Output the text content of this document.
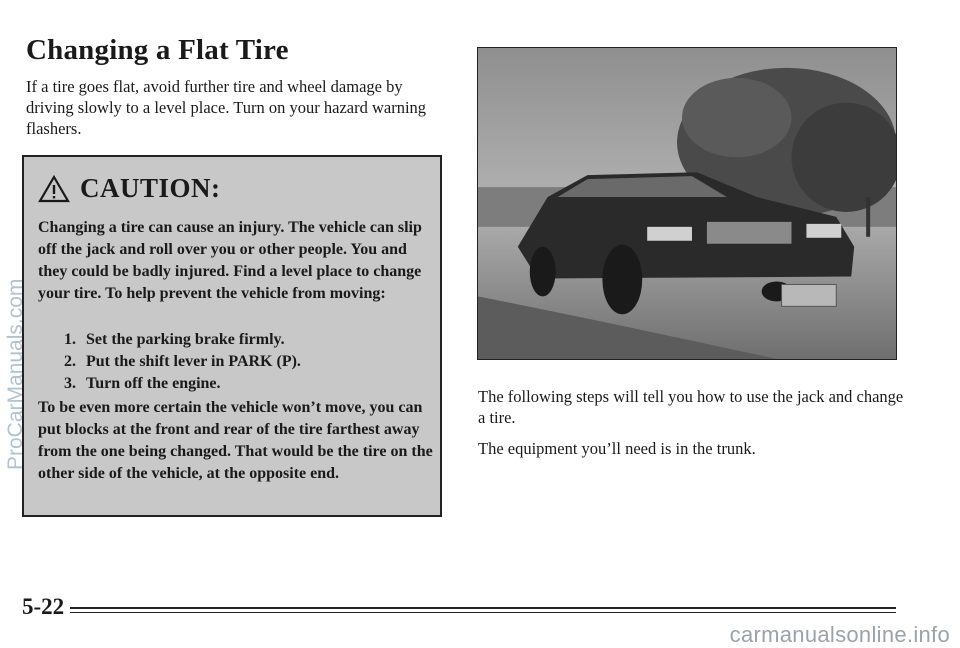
Changing a Flat Tire

If a tire goes flat, avoid further tire and wheel damage by driving slowly to a level place. Turn on your hazard warning flashers.

CAUTION:

Changing a tire can cause an injury. The vehicle can slip off the jack and roll over you or other people. You and they could be badly injured. Find a level place to change your tire. To help prevent the vehicle from moving:

1. Set the parking brake firmly.
2. Put the shift lever in PARK (P).
3. Turn off the engine.

To be even more certain the vehicle won’t move, you can put blocks at the front and rear of the tire farthest away from the one being changed. That would be the tire on the other side of the vehicle, at the opposite end.

The following steps will tell you how to use the jack and change a tire.

The equipment you’ll need is in the trunk.

5-22
ProCarManuals.com
carmanualsonline.info
